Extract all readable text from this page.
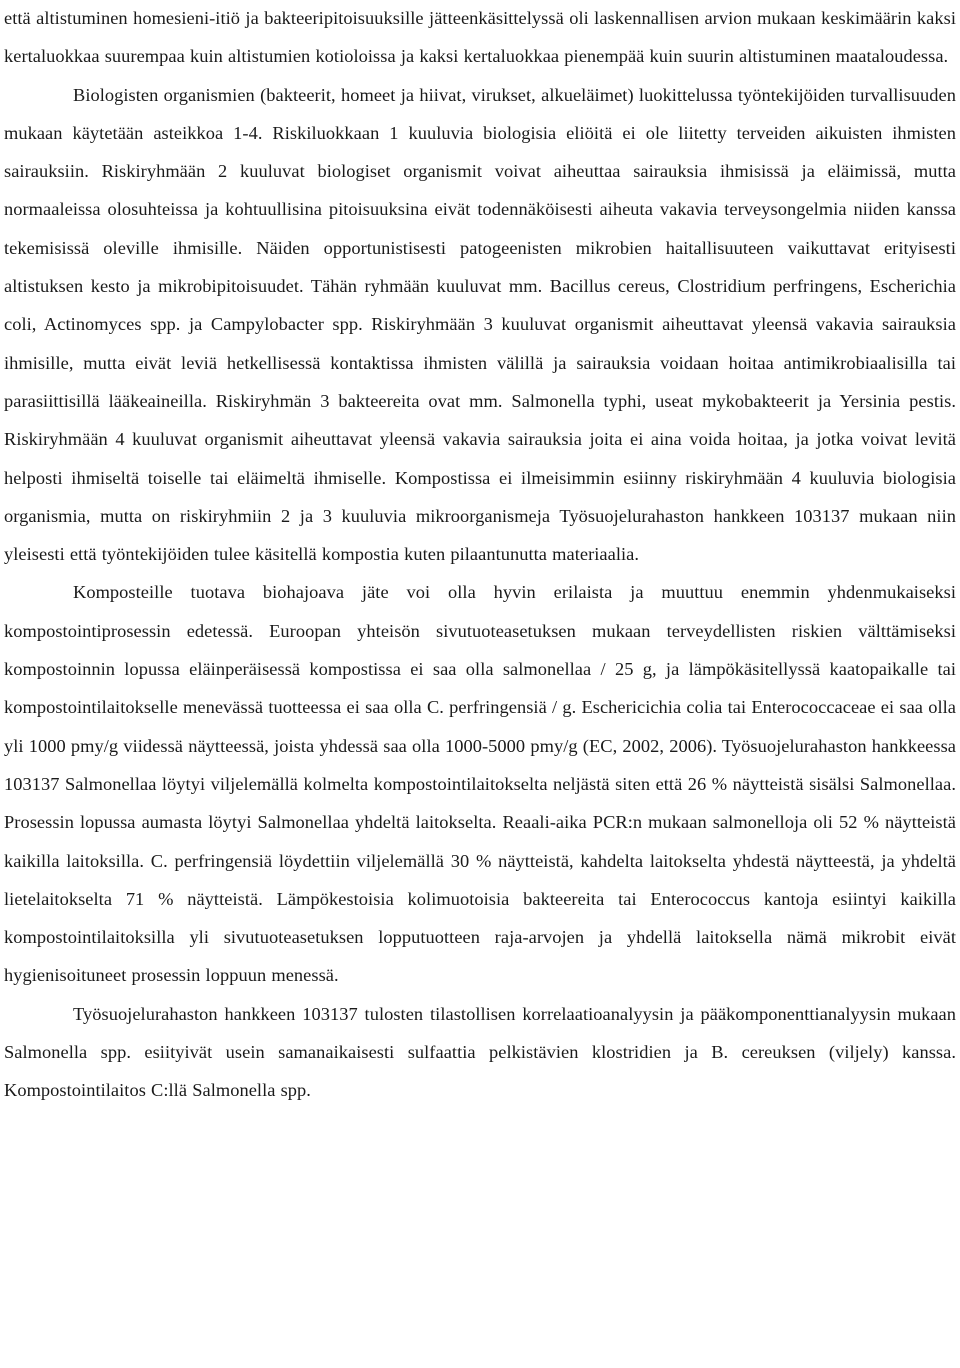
että altistuminen homesieni-itiö ja bakteeripitoisuuksille jätteenkäsittelyssä oli laskennallisen arvion mukaan keskimäärin kaksi kertaluokkaa suurempaa kuin altistumien kotioloissa ja kaksi kertaluokkaa pienempää kuin suurin altistuminen maataloudessa.

Biologisten organismien (bakteerit, homeet ja hiivat, virukset, alkueläimet) luokittelussa työntekijöiden turvallisuuden mukaan käytetään asteikkoa 1-4. Riskiluokkaan 1 kuuluvia biologisia eliöitä ei ole liitetty terveiden aikuisten ihmisten sairauksiin. Riskiryhmään 2 kuuluvat biologiset organismit voivat aiheuttaa sairauksia ihmisissä ja eläimissä, mutta normaaleissa olosuhteissa ja kohtuullisina pitoisuuksina eivät todennäköisesti aiheuta vakavia terveysongelmia niiden kanssa tekemisissä oleville ihmisille. Näiden opportunistisesti patogeenisten mikrobien haitallisuuteen vaikuttavat erityisesti altistuksen kesto ja mikrobipitoisuudet. Tähän ryhmään kuuluvat mm. Bacillus cereus, Clostridium perfringens, Escherichia coli, Actinomyces spp. ja Campylobacter spp. Riskiryhmään 3 kuuluvat organismit aiheuttavat yleensä vakavia sairauksia ihmisille, mutta eivät leviä hetkellisessä kontaktissa ihmisten välillä ja sairauksia voidaan hoitaa antimikrobiaalisilla tai parasiittisillä lääkeaineilla. Riskiryhmän 3 bakteereita ovat mm. Salmonella typhi, useat mykobakteerit ja Yersinia pestis. Riskiryhmään 4 kuuluvat organismit aiheuttavat yleensä vakavia sairauksia joita ei aina voida hoitaa, ja jotka voivat levitä helposti ihmiseltä toiselle tai eläimeltä ihmiselle. Kompostissa ei ilmeisimmin esiinny riskiryhmään 4 kuuluvia biologisia organismia, mutta on riskiryhmiin 2 ja 3 kuuluvia mikroorganismeja Työsuojelurahaston hankkeen 103137 mukaan niin yleisesti että työntekijöiden tulee käsitellä kompostia kuten pilaantunutta materiaalia.

Komposteille tuotava biohajoava jäte voi olla hyvin erilaista ja muuttuu enemmin yhdenmukaiseksi kompostointiprosessin edetessä. Euroopan yhteisön sivutuoteasetuksen mukaan terveydellisten riskien välttämiseksi kompostoinnin lopussa eläinperäisessä kompostissa ei saa olla salmonellaa / 25 g, ja lämpökäsitellyssä kaatopaikalle tai kompostointilaitokselle menevässä tuotteessa ei saa olla C. perfringensiä / g. Eschericichia colia tai Enterococcaceae ei saa olla yli 1000 pmy/g viidessä näytteessä, joista yhdessä saa olla 1000-5000 pmy/g (EC, 2002, 2006). Työsuojelurahaston hankkeessa 103137 Salmonellaa löytyi viljelemällä kolmelta kompostointilaitokselta neljästä siten että 26 % näytteistä sisälsi Salmonellaa. Prosessin lopussa aumasta löytyi Salmonellaa yhdeltä laitokselta. Reaali-aika PCR:n mukaan salmonelloja oli 52 % näytteistä kaikilla laitoksilla. C. perfringensiä löydettiin viljelemällä 30 % näytteistä, kahdelta laitokselta yhdestä näytteestä, ja yhdeltä lietelaitokselta 71 % näytteistä. Lämpökestoisia kolimuotoisia bakteereita tai Enterococcus kantoja esiintyi kaikilla kompostointilaitoksilla yli sivutuoteasetuksen lopputuotteen raja-arvojen ja yhdellä laitoksella nämä mikrobit eivät hygienisoituneet prosessin loppuun menessä.

Työsuojelurahaston hankkeen 103137 tulosten tilastollisen korrelaatioanalyysin ja pääkomponenttianalyysin mukaan Salmonella spp. esiityivät usein samanaikaisesti sulfaattia pelkistävien klostridien ja B. cereuksen (viljely) kanssa. Kompostointilaitos C:llä Salmonella spp.
